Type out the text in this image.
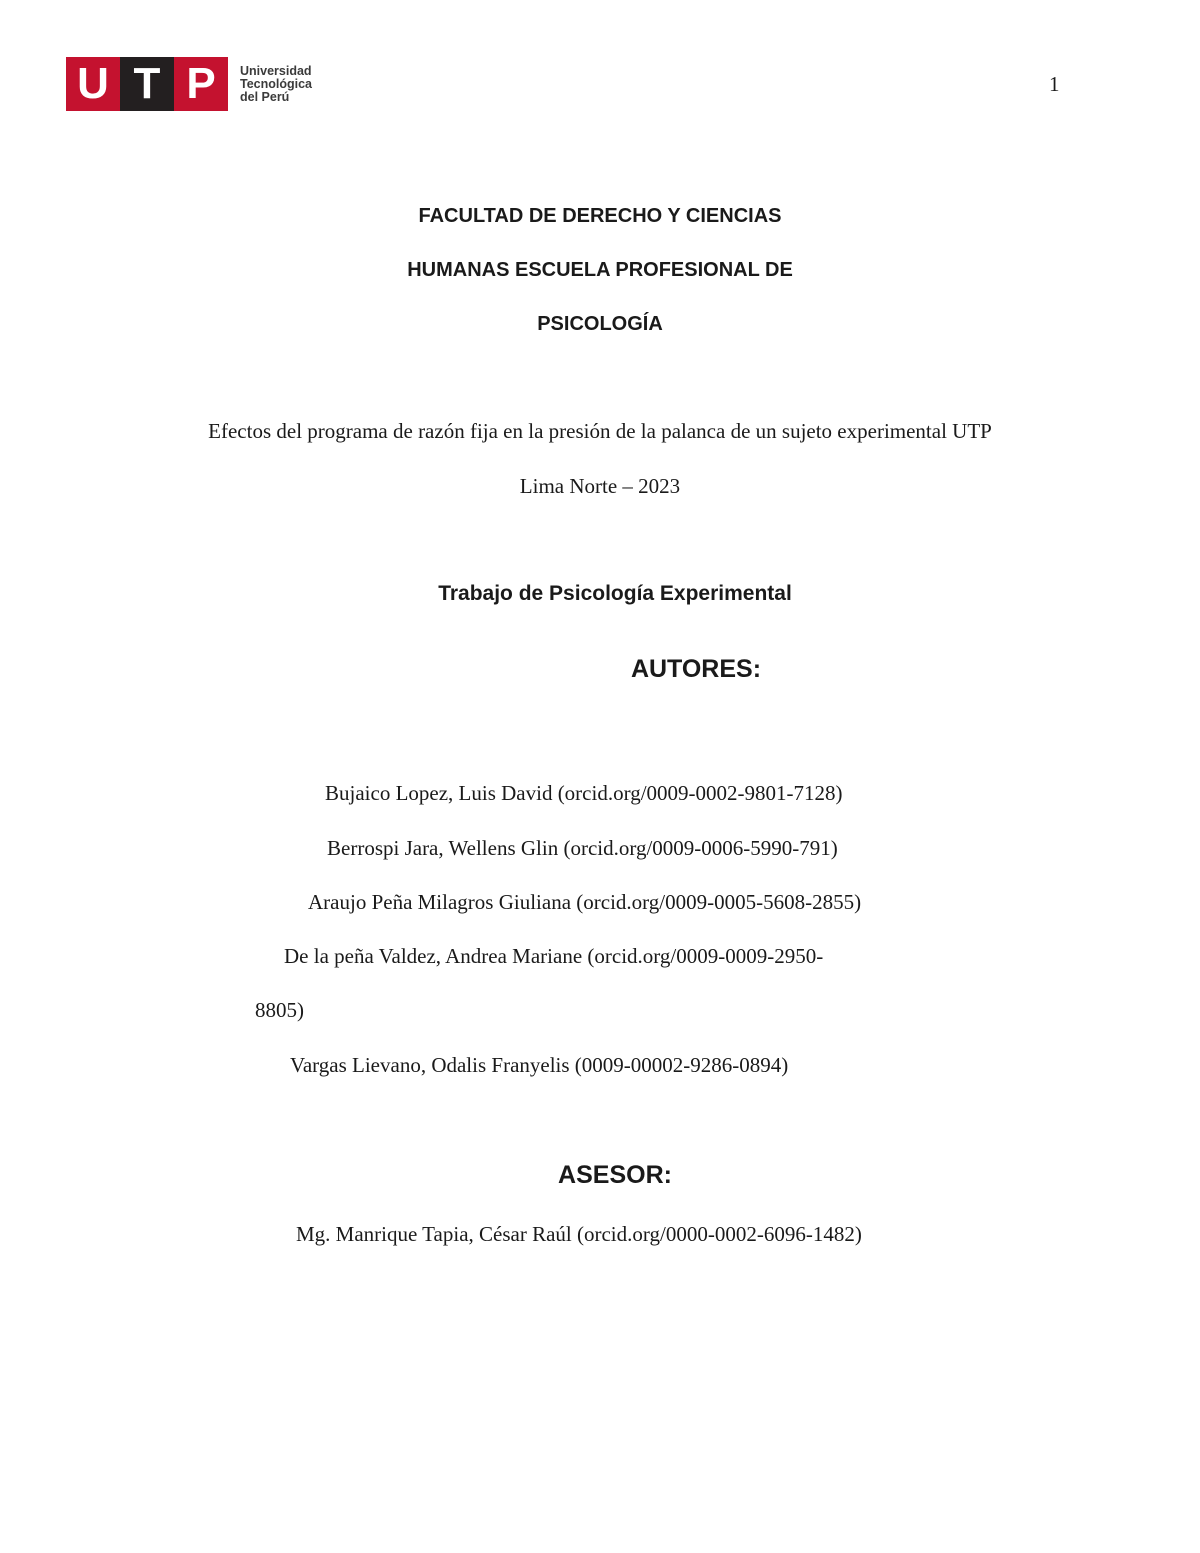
U T P	Universidad
Tecnológica
del Perú
1
FACULTAD DE DERECHO Y CIENCIAS
HUMANAS ESCUELA PROFESIONAL DE
PSICOLOGÍA
Efectos del programa de razón fija en la presión de la palanca de un sujeto experimental UTP
Lima Norte – 2023
Trabajo de Psicología Experimental
AUTORES:
Bujaico Lopez, Luis David (orcid.org/0009-0002-9801-7128)
Berrospi Jara, Wellens Glin (orcid.org/0009-0006-5990-791)
Araujo Peña Milagros Giuliana (orcid.org/0009-0005-5608-2855)
De la peña Valdez, Andrea Mariane (orcid.org/0009-0009-2950-
8805)
Vargas Lievano, Odalis Franyelis (0009-00002-9286-0894)
ASESOR:
Mg. Manrique Tapia, César Raúl (orcid.org/0000-0002-6096-1482)
